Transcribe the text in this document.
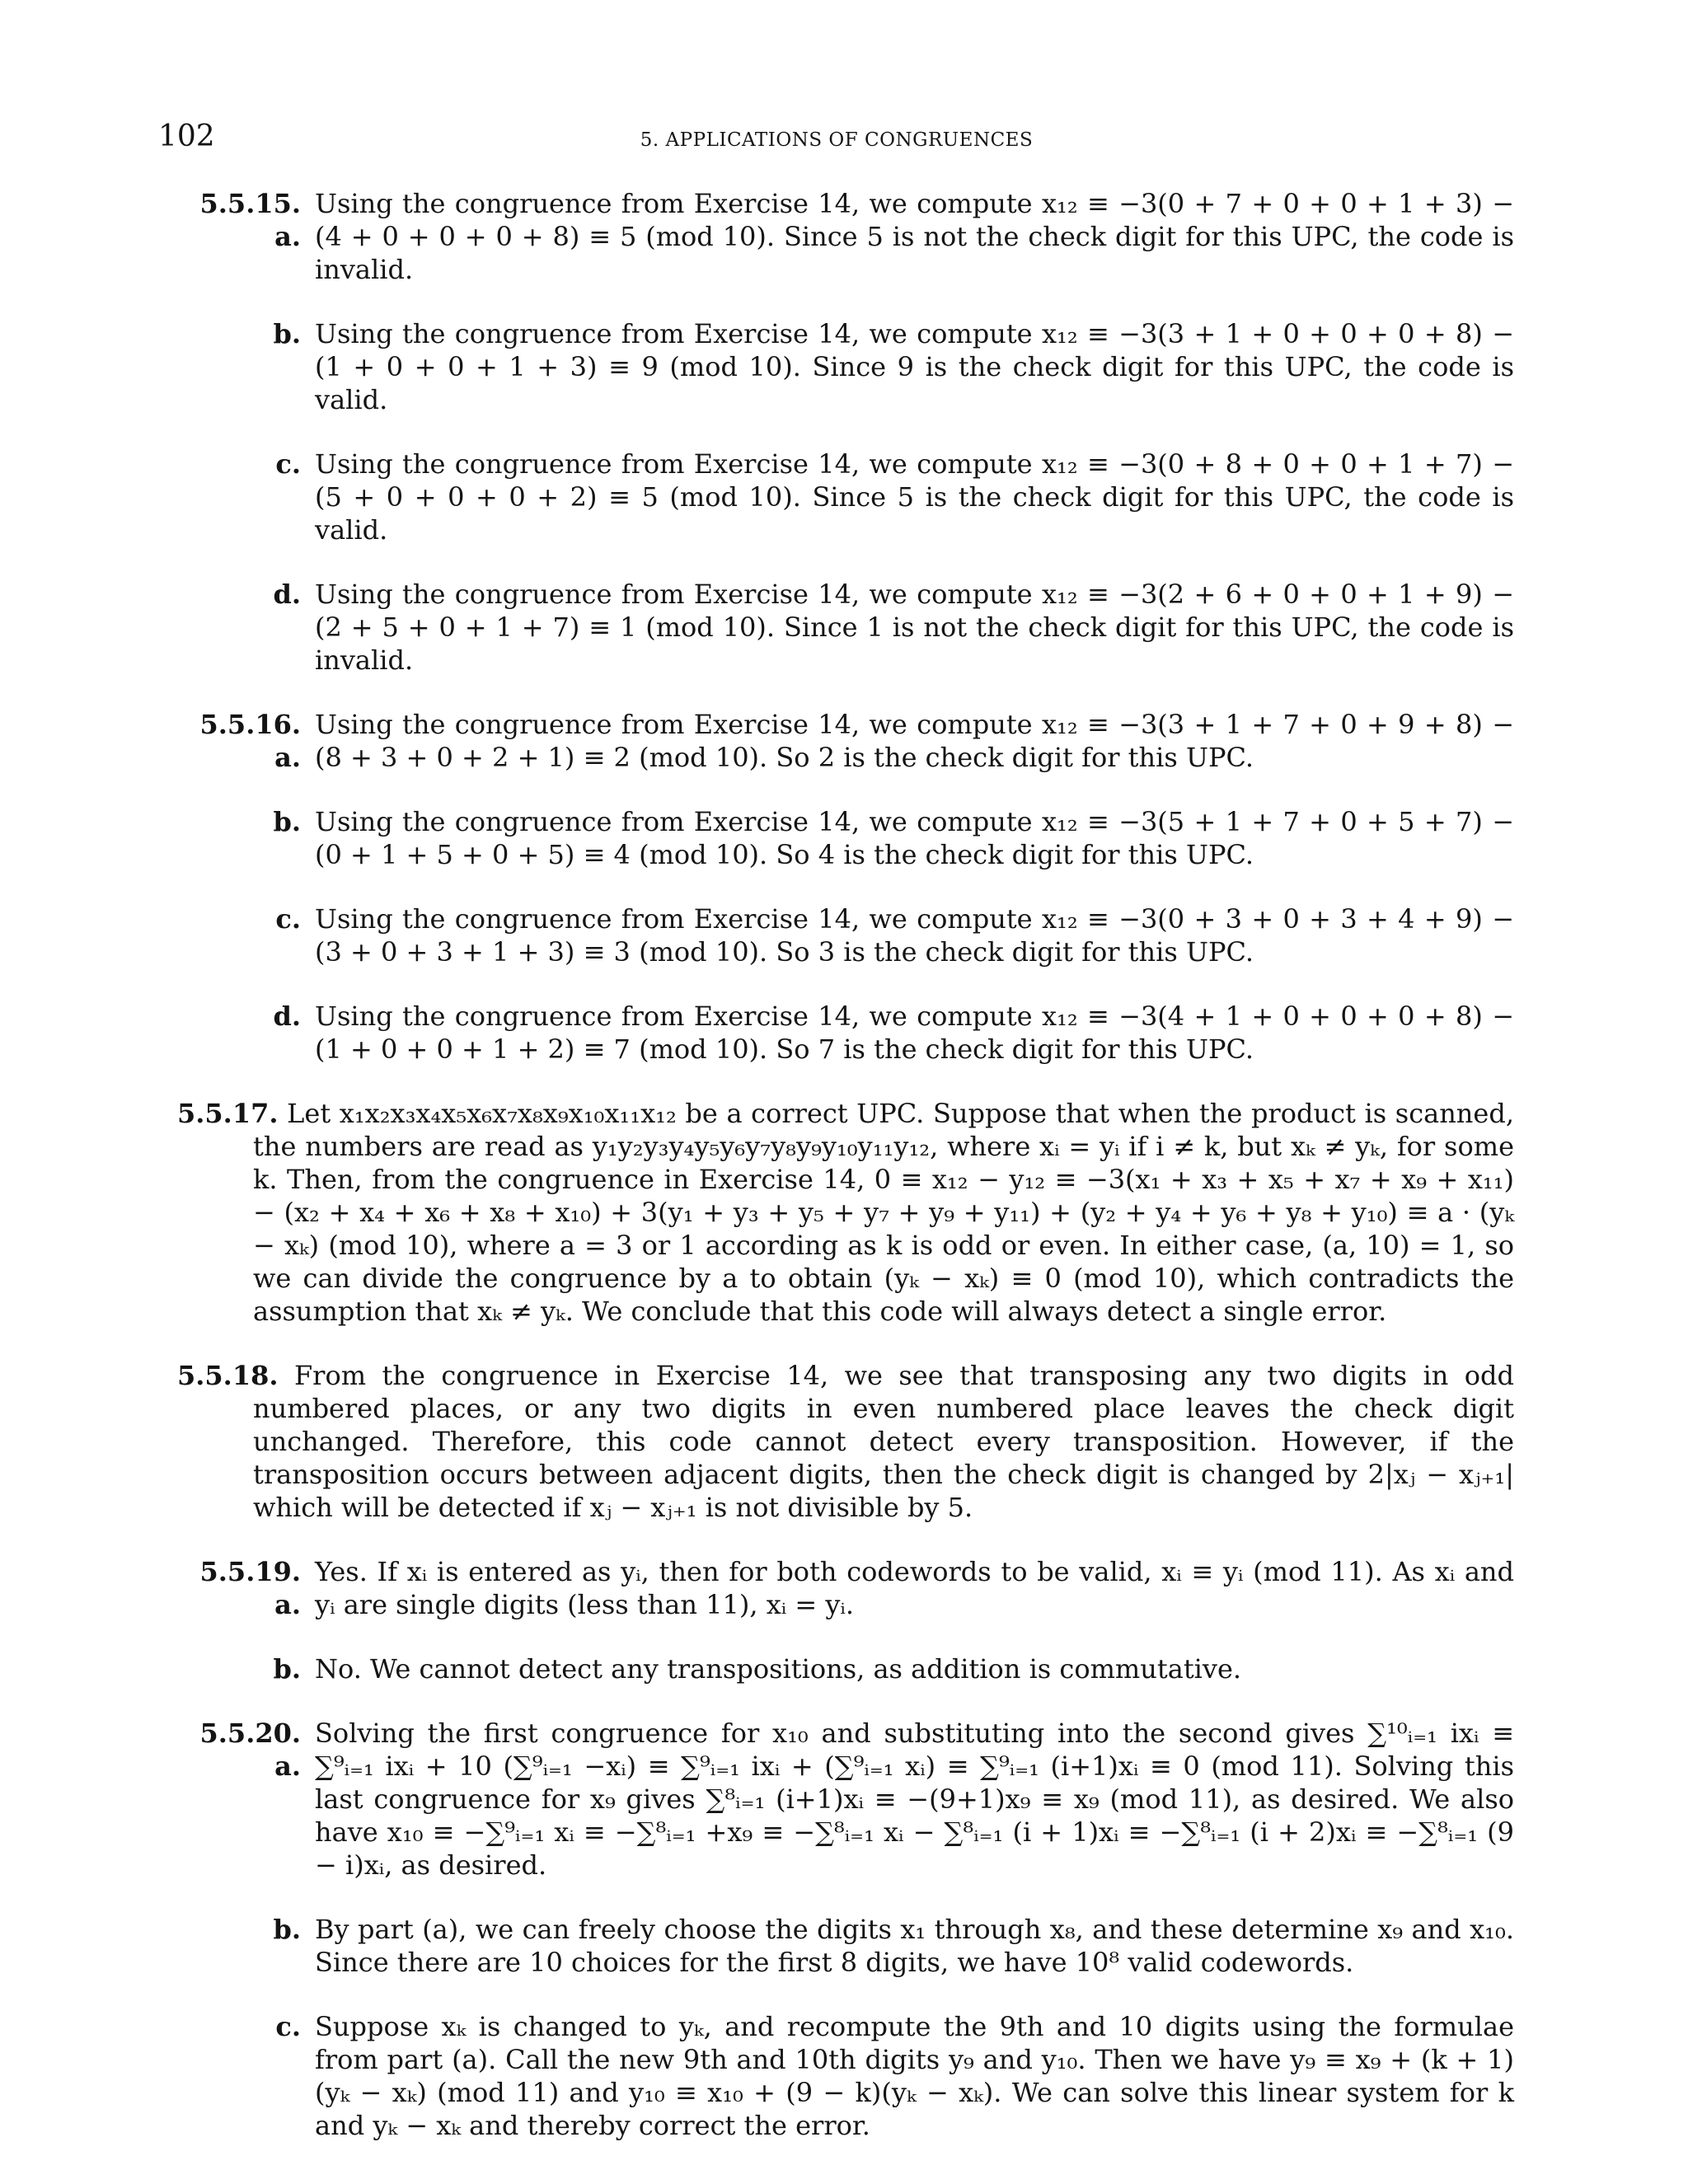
102	5. APPLICATIONS OF CONGRUENCES
5.5.15. a.
Using the congruence from Exercise 14, we compute x₁₂ ≡ −3(0 + 7 + 0 + 0 + 1 + 3) − (4 + 0 + 0 + 0 + 8) ≡ 5 (mod 10). Since 5 is not the check digit for this UPC, the code is invalid.
b. Using the congruence from Exercise 14, we compute x₁₂ ≡ −3(3 + 1 + 0 + 0 + 0 + 8) − (1 + 0 + 0 + 1 + 3) ≡ 9 (mod 10). Since 9 is the check digit for this UPC, the code is valid.
c. Using the congruence from Exercise 14, we compute x₁₂ ≡ −3(0 + 8 + 0 + 0 + 1 + 7) − (5 + 0 + 0 + 0 + 2) ≡ 5 (mod 10). Since 5 is the check digit for this UPC, the code is valid.
d. Using the congruence from Exercise 14, we compute x₁₂ ≡ −3(2 + 6 + 0 + 0 + 1 + 9) − (2 + 5 + 0 + 1 + 7) ≡ 1 (mod 10). Since 1 is not the check digit for this UPC, the code is invalid.
5.5.16. a.
Using the congruence from Exercise 14, we compute x₁₂ ≡ −3(3 + 1 + 7 + 0 + 9 + 8) − (8 + 3 + 0 + 2 + 1) ≡ 2 (mod 10). So 2 is the check digit for this UPC.
b. Using the congruence from Exercise 14, we compute x₁₂ ≡ −3(5 + 1 + 7 + 0 + 5 + 7) − (0 + 1 + 5 + 0 + 5) ≡ 4 (mod 10). So 4 is the check digit for this UPC.
c. Using the congruence from Exercise 14, we compute x₁₂ ≡ −3(0 + 3 + 0 + 3 + 4 + 9) − (3 + 0 + 3 + 1 + 3) ≡ 3 (mod 10). So 3 is the check digit for this UPC.
d. Using the congruence from Exercise 14, we compute x₁₂ ≡ −3(4 + 1 + 0 + 0 + 0 + 8) − (1 + 0 + 0 + 1 + 2) ≡ 7 (mod 10). So 7 is the check digit for this UPC.
5.5.17. Let x₁x₂x₃x₄x₅x₆x₇x₈x₉x₁₀x₁₁x₁₂ be a correct UPC. Suppose that when the product is scanned, the numbers are read as y₁y₂y₃y₄y₅y₆y₇y₈y₉y₁₀y₁₁y₁₂, where xᵢ = yᵢ if i ≠ k, but xₖ ≠ yₖ, for some k. Then, from the congruence in Exercise 14, 0 ≡ x₁₂ − y₁₂ ≡ −3(x₁ + x₃ + x₅ + x₇ + x₉ + x₁₁) − (x₂ + x₄ + x₆ + x₈ + x₁₀) + 3(y₁ + y₃ + y₅ + y₇ + y₉ + y₁₁) + (y₂ + y₄ + y₆ + y₈ + y₁₀) ≡ a · (yₖ − xₖ) (mod 10), where a = 3 or 1 according as k is odd or even. In either case, (a, 10) = 1, so we can divide the congruence by a to obtain (yₖ − xₖ) ≡ 0 (mod 10), which contradicts the assumption that xₖ ≠ yₖ. We conclude that this code will always detect a single error.
5.5.18. From the congruence in Exercise 14, we see that transposing any two digits in odd numbered places, or any two digits in even numbered place leaves the check digit unchanged. Therefore, this code cannot detect every transposition. However, if the transposition occurs between adjacent digits, then the check digit is changed by 2|xⱼ − xⱼ₊₁| which will be detected if xⱼ − xⱼ₊₁ is not divisible by 5.
5.5.19. a.
Yes. If xᵢ is entered as yᵢ, then for both codewords to be valid, xᵢ ≡ yᵢ (mod 11). As xᵢ and yᵢ are single digits (less than 11), xᵢ = yᵢ.
b. No. We cannot detect any transpositions, as addition is commutative.
5.5.20. a.
Solving the first congruence for x₁₀ and substituting into the second gives ∑¹⁰ᵢ₌₁ ixᵢ ≡ ∑⁹ᵢ₌₁ ixᵢ + 10 (∑⁹ᵢ₌₁ −xᵢ) ≡ ∑⁹ᵢ₌₁ ixᵢ + (∑⁹ᵢ₌₁ xᵢ) ≡ ∑⁹ᵢ₌₁ (i+1)xᵢ ≡ 0 (mod 11). Solving this last congruence for x₉ gives ∑⁸ᵢ₌₁ (i+1)xᵢ ≡ −(9+1)x₉ ≡ x₉ (mod 11), as desired. We also have x₁₀ ≡ −∑⁹ᵢ₌₁ xᵢ ≡ −∑⁸ᵢ₌₁ +x₉ ≡ −∑⁸ᵢ₌₁ xᵢ − ∑⁸ᵢ₌₁ (i + 1)xᵢ ≡ −∑⁸ᵢ₌₁ (i + 2)xᵢ ≡ −∑⁸ᵢ₌₁ (9 − i)xᵢ, as desired.
b. By part (a), we can freely choose the digits x₁ through x₈, and these determine x₉ and x₁₀. Since there are 10 choices for the first 8 digits, we have 10⁸ valid codewords.
c. Suppose xₖ is changed to yₖ, and recompute the 9th and 10 digits using the formulae from part (a). Call the new 9th and 10th digits y₉ and y₁₀. Then we have y₉ ≡ x₉ + (k + 1)(yₖ − xₖ) (mod 11) and y₁₀ ≡ x₁₀ + (9 − k)(yₖ − xₖ). We can solve this linear system for k and yₖ − xₖ and thereby correct the error.
